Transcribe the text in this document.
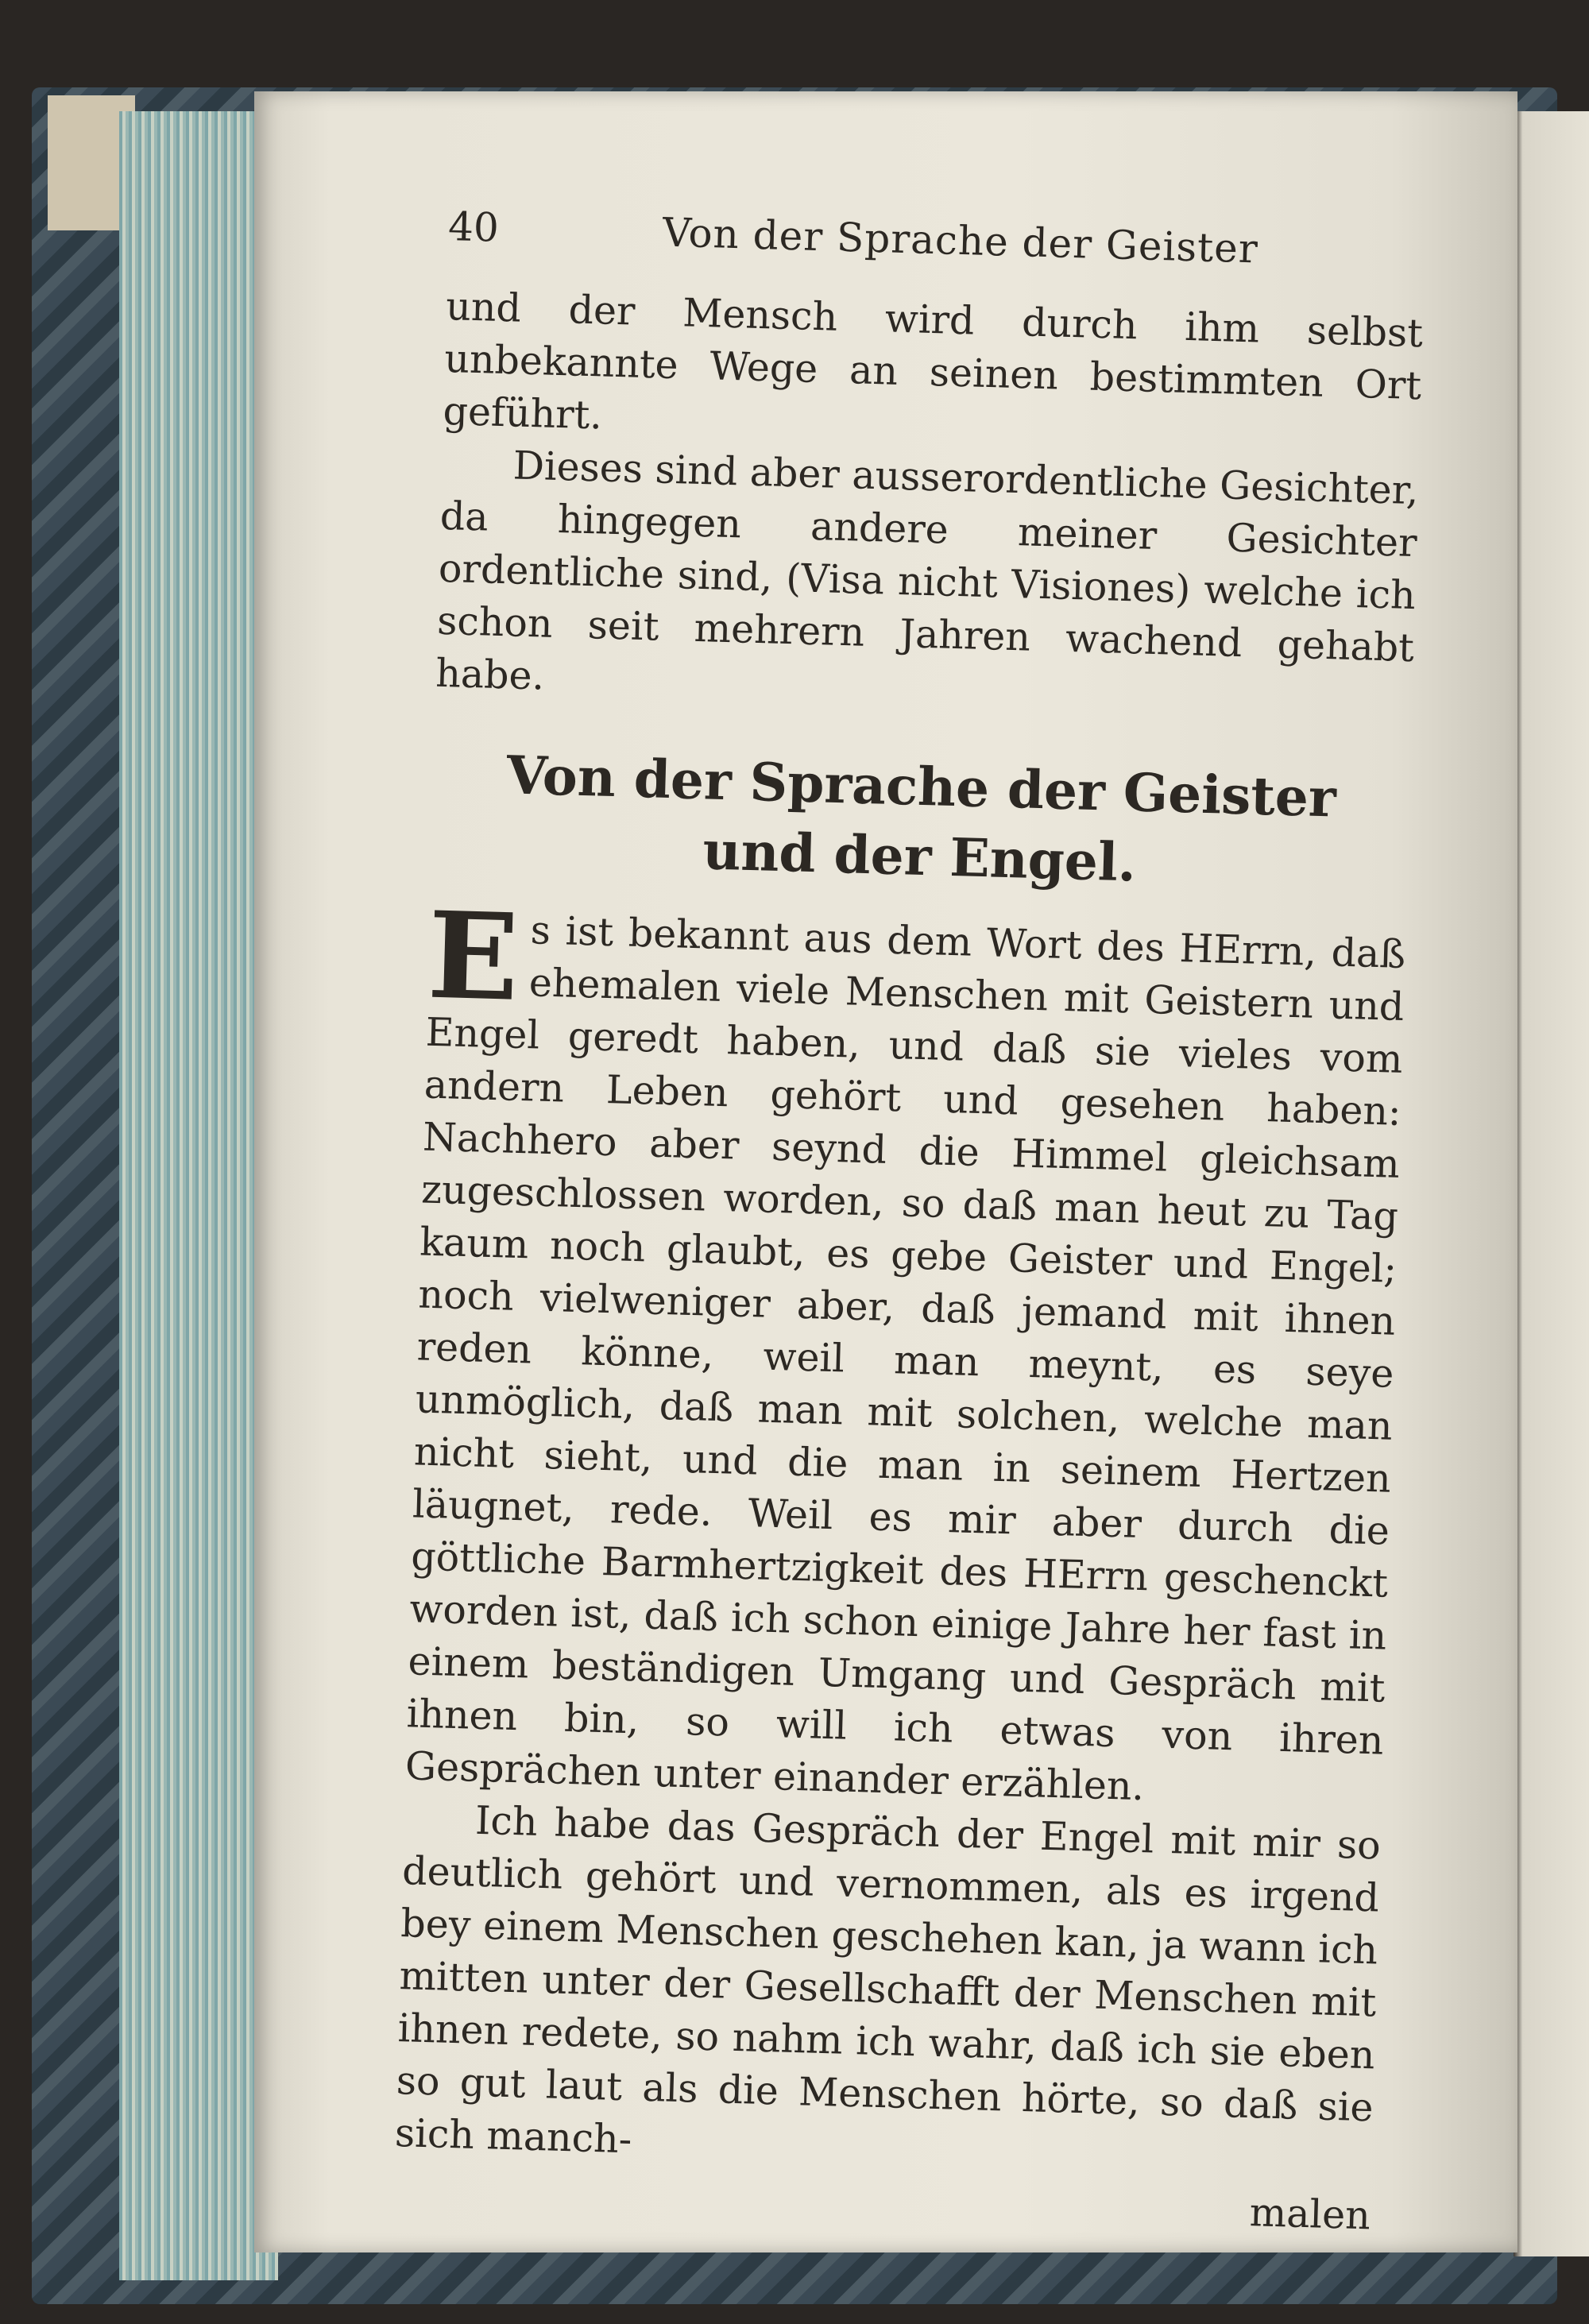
40	Von der Sprache der Geister

und der Mensch wird durch ihm selbst unbekannte Wege an seinen bestimmten Ort geführt.

Dieses sind aber ausserordentliche Gesichter, da hingegen andere meiner Gesichter ordentliche sind, (Visa nicht Visiones) welche ich schon seit mehrern Jahren wachend gehabt habe.

Von der Sprache der Geister
und der Engel.

Es ist bekannt aus dem Wort des HErrn, daß ehemalen viele Menschen mit Geistern und Engel geredt haben, und daß sie vieles vom andern Leben gehört und gesehen haben: Nachhero aber seynd die Himmel gleichsam zugeschlossen worden, so daß man heut zu Tag kaum noch glaubt, es gebe Geister und Engel; noch vielweniger aber, daß jemand mit ihnen reden könne, weil man meynt, es seye unmöglich, daß man mit solchen, welche man nicht sieht, und die man in seinem Hertzen läugnet, rede. Weil es mir aber durch die göttliche Barmhertzigkeit des HErrn geschenckt worden ist, daß ich schon einige Jahre her fast in einem beständigen Umgang und Gespräch mit ihnen bin, so will ich etwas von ihren Gesprächen unter einander erzählen.

Ich habe das Gespräch der Engel mit mir so deutlich gehört und vernommen, als es irgend bey einem Menschen geschehen kan, ja wann ich mitten unter der Gesellschafft der Menschen mit ihnen redete, so nahm ich wahr, daß ich sie eben so gut laut als die Menschen hörte, so daß sie sich manch-

malen
